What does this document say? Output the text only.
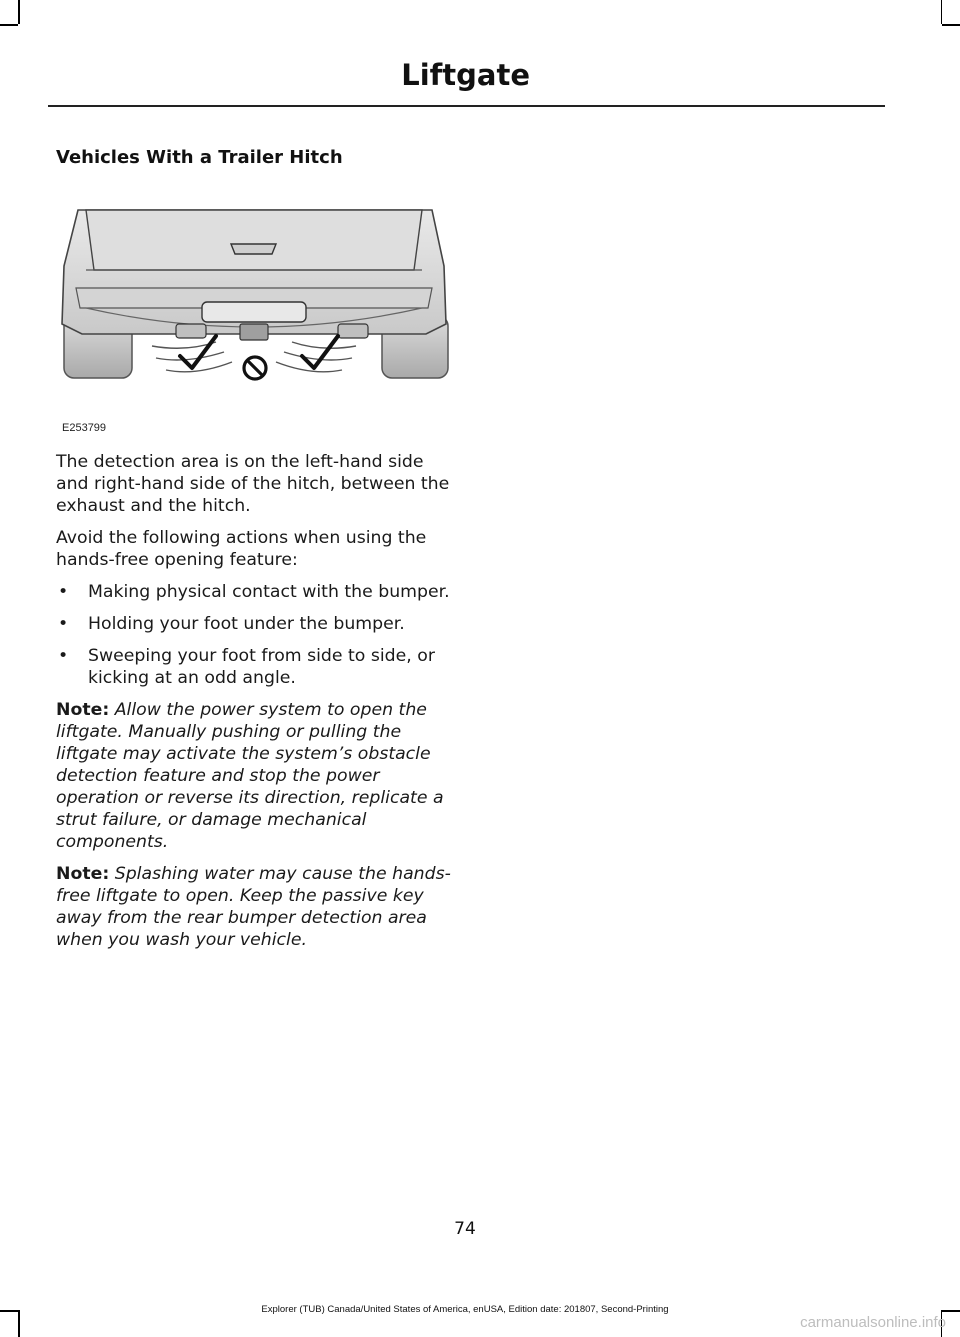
Liftgate
Vehicles With a Trailer Hitch
E253799

The detection area is on the left-hand side and right-hand side of the hitch, between the exhaust and the hitch.

Avoid the following actions when using the hands-free opening feature:

• Making physical contact with the bumper.
• Holding your foot under the bumper.
• Sweeping your foot from side to side, or kicking at an odd angle.

Note: Allow the power system to open the liftgate. Manually pushing or pulling the liftgate may activate the system’s obstacle detection feature and stop the power operation or reverse its direction, replicate a strut failure, or damage mechanical components.

Note: Splashing water may cause the hands-free liftgate to open. Keep the passive key away from the rear bumper detection area when you wash your vehicle.

74
Explorer (TUB) Canada/United States of America, enUSA, Edition date: 201807, Second-Printing
carmanualsonline.info
